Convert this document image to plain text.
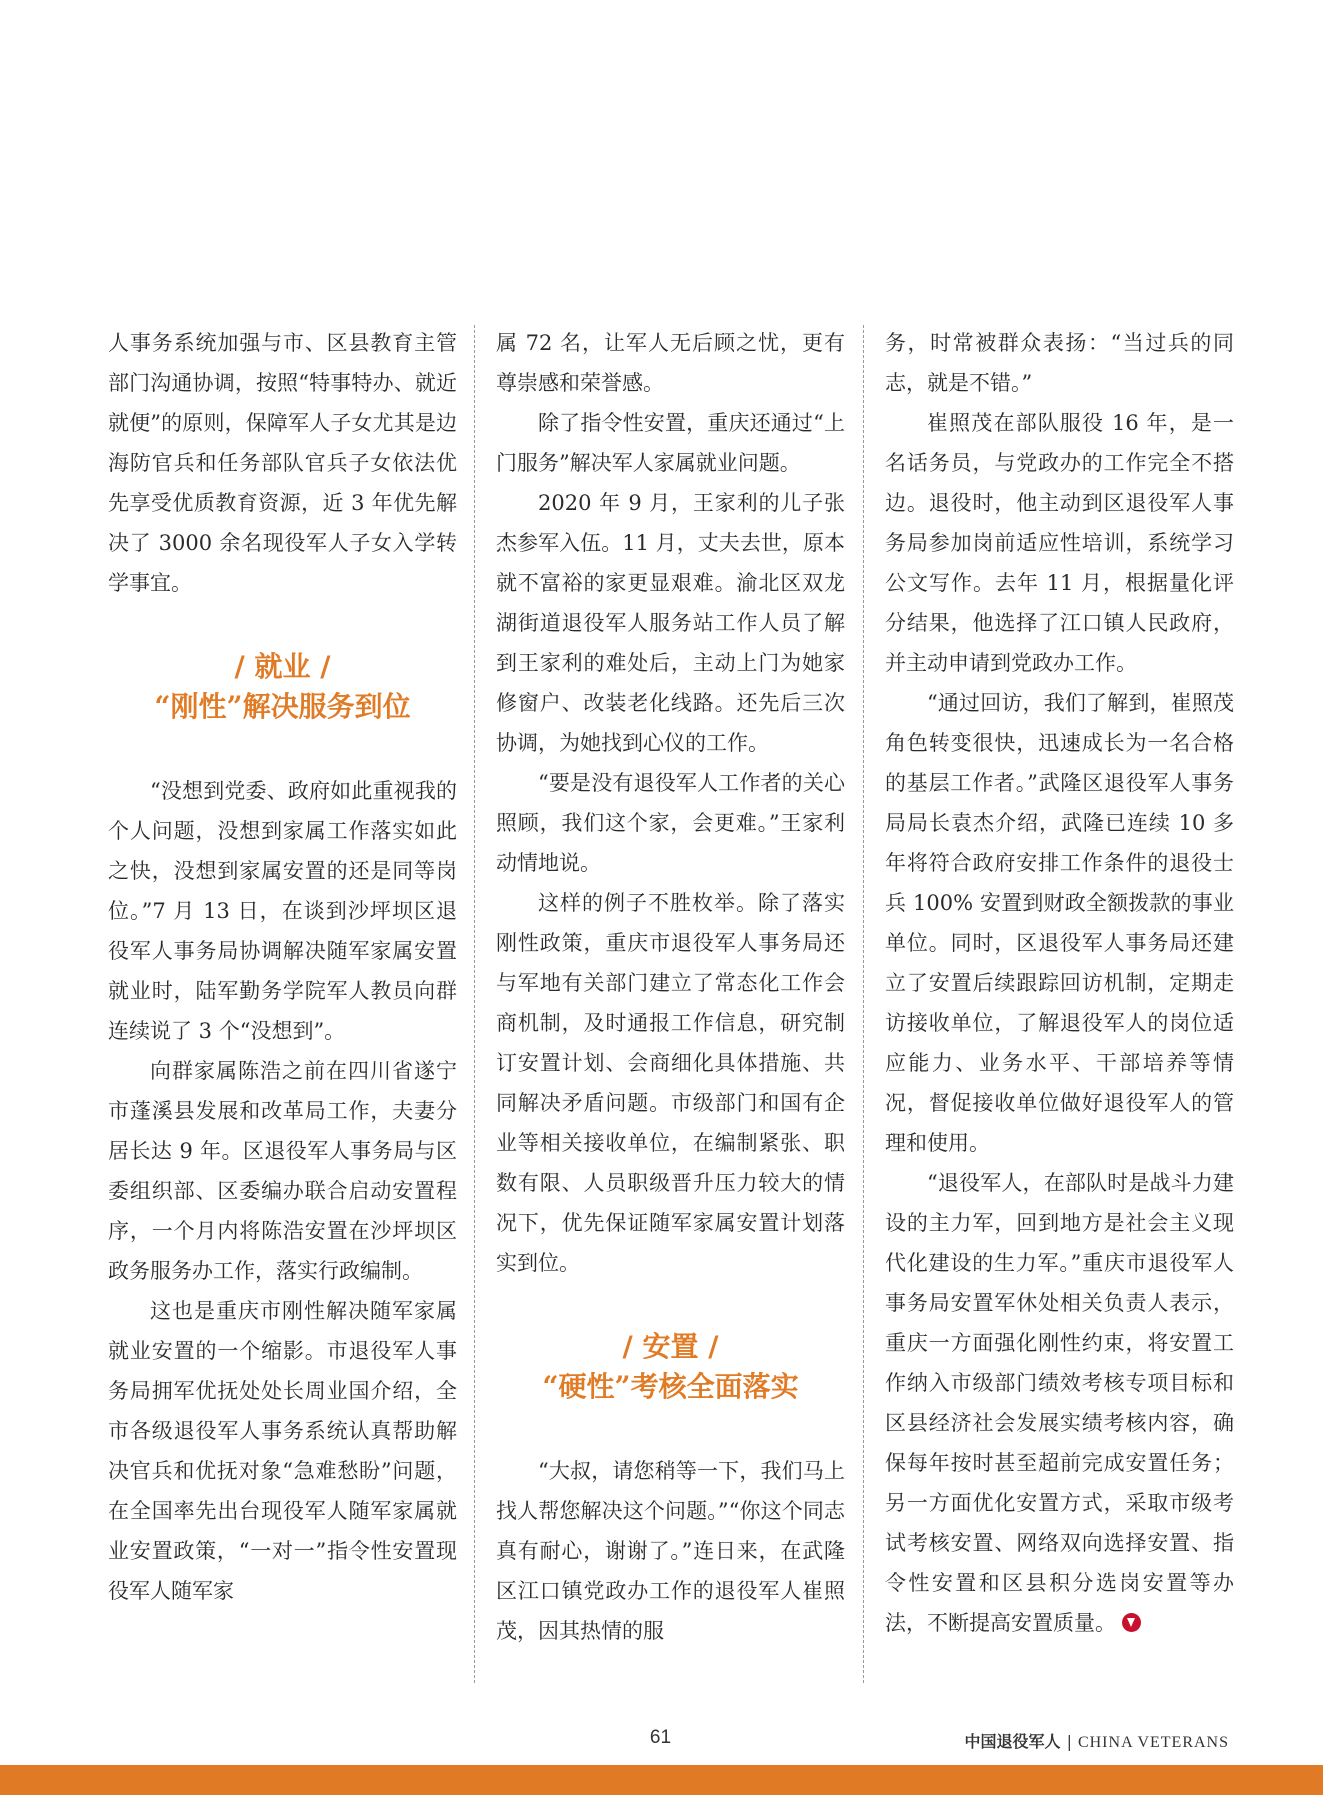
人事务系统加强与市、区县教育主管部门沟通协调，按照“特事特办、就近就便”的原则，保障军人子女尤其是边海防官兵和任务部队官兵子女依法优先享受优质教育资源，近 3 年优先解决了 3000 余名现役军人子女入学转学事宜。

/ 就业 /
“刚性”解决服务到位

“没想到党委、政府如此重视我的个人问题，没想到家属工作落实如此之快，没想到家属安置的还是同等岗位。”7 月 13 日，在谈到沙坪坝区退役军人事务局协调解决随军家属安置就业时，陆军勤务学院军人教员向群连续说了 3 个“没想到”。

向群家属陈浩之前在四川省遂宁市蓬溪县发展和改革局工作，夫妻分居长达 9 年。区退役军人事务局与区委组织部、区委编办联合启动安置程序，一个月内将陈浩安置在沙坪坝区政务服务办工作，落实行政编制。

这也是重庆市刚性解决随军家属就业安置的一个缩影。市退役军人事务局拥军优抚处处长周业国介绍，全市各级退役军人事务系统认真帮助解决官兵和优抚对象“急难愁盼”问题，在全国率先出台现役军人随军家属就业安置政策，“一对一”指令性安置现役军人随军家

属 72 名，让军人无后顾之忧，更有尊崇感和荣誉感。

除了指令性安置，重庆还通过“上门服务”解决军人家属就业问题。

2020 年 9 月，王家利的儿子张杰参军入伍。11 月，丈夫去世，原本就不富裕的家更显艰难。渝北区双龙湖街道退役军人服务站工作人员了解到王家利的难处后，主动上门为她家修窗户、改装老化线路。还先后三次协调，为她找到心仪的工作。

“要是没有退役军人工作者的关心照顾，我们这个家，会更难。”王家利动情地说。

这样的例子不胜枚举。除了落实刚性政策，重庆市退役军人事务局还与军地有关部门建立了常态化工作会商机制，及时通报工作信息，研究制订安置计划、会商细化具体措施、共同解决矛盾问题。市级部门和国有企业等相关接收单位，在编制紧张、职数有限、人员职级晋升压力较大的情况下，优先保证随军家属安置计划落实到位。

/ 安置 /
“硬性”考核全面落实

“大叔，请您稍等一下，我们马上找人帮您解决这个问题。”“你这个同志真有耐心，谢谢了。”连日来，在武隆区江口镇党政办工作的退役军人崔照茂，因其热情的服

务，时常被群众表扬：“当过兵的同志，就是不错。”

崔照茂在部队服役 16 年，是一名话务员，与党政办的工作完全不搭边。退役时，他主动到区退役军人事务局参加岗前适应性培训，系统学习公文写作。去年 11 月，根据量化评分结果，他选择了江口镇人民政府，并主动申请到党政办工作。

“通过回访，我们了解到，崔照茂角色转变很快，迅速成长为一名合格的基层工作者。”武隆区退役军人事务局局长袁杰介绍，武隆已连续 10 多年将符合政府安排工作条件的退役士兵 100% 安置到财政全额拨款的事业单位。同时，区退役军人事务局还建立了安置后续跟踪回访机制，定期走访接收单位，了解退役军人的岗位适应能力、业务水平、干部培养等情况，督促接收单位做好退役军人的管理和使用。

“退役军人，在部队时是战斗力建设的主力军，回到地方是社会主义现代化建设的生力军。”重庆市退役军人事务局安置军休处相关负责人表示，重庆一方面强化刚性约束，将安置工作纳入市级部门绩效考核专项目标和区县经济社会发展实绩考核内容，确保每年按时甚至超前完成安置任务；另一方面优化安置方式，采取市级考试考核安置、网络双向选择安置、指令性安置和区县积分选岗安置等办法，不断提高安置质量。

61	中国退役军人 | CHINA VETERANS
